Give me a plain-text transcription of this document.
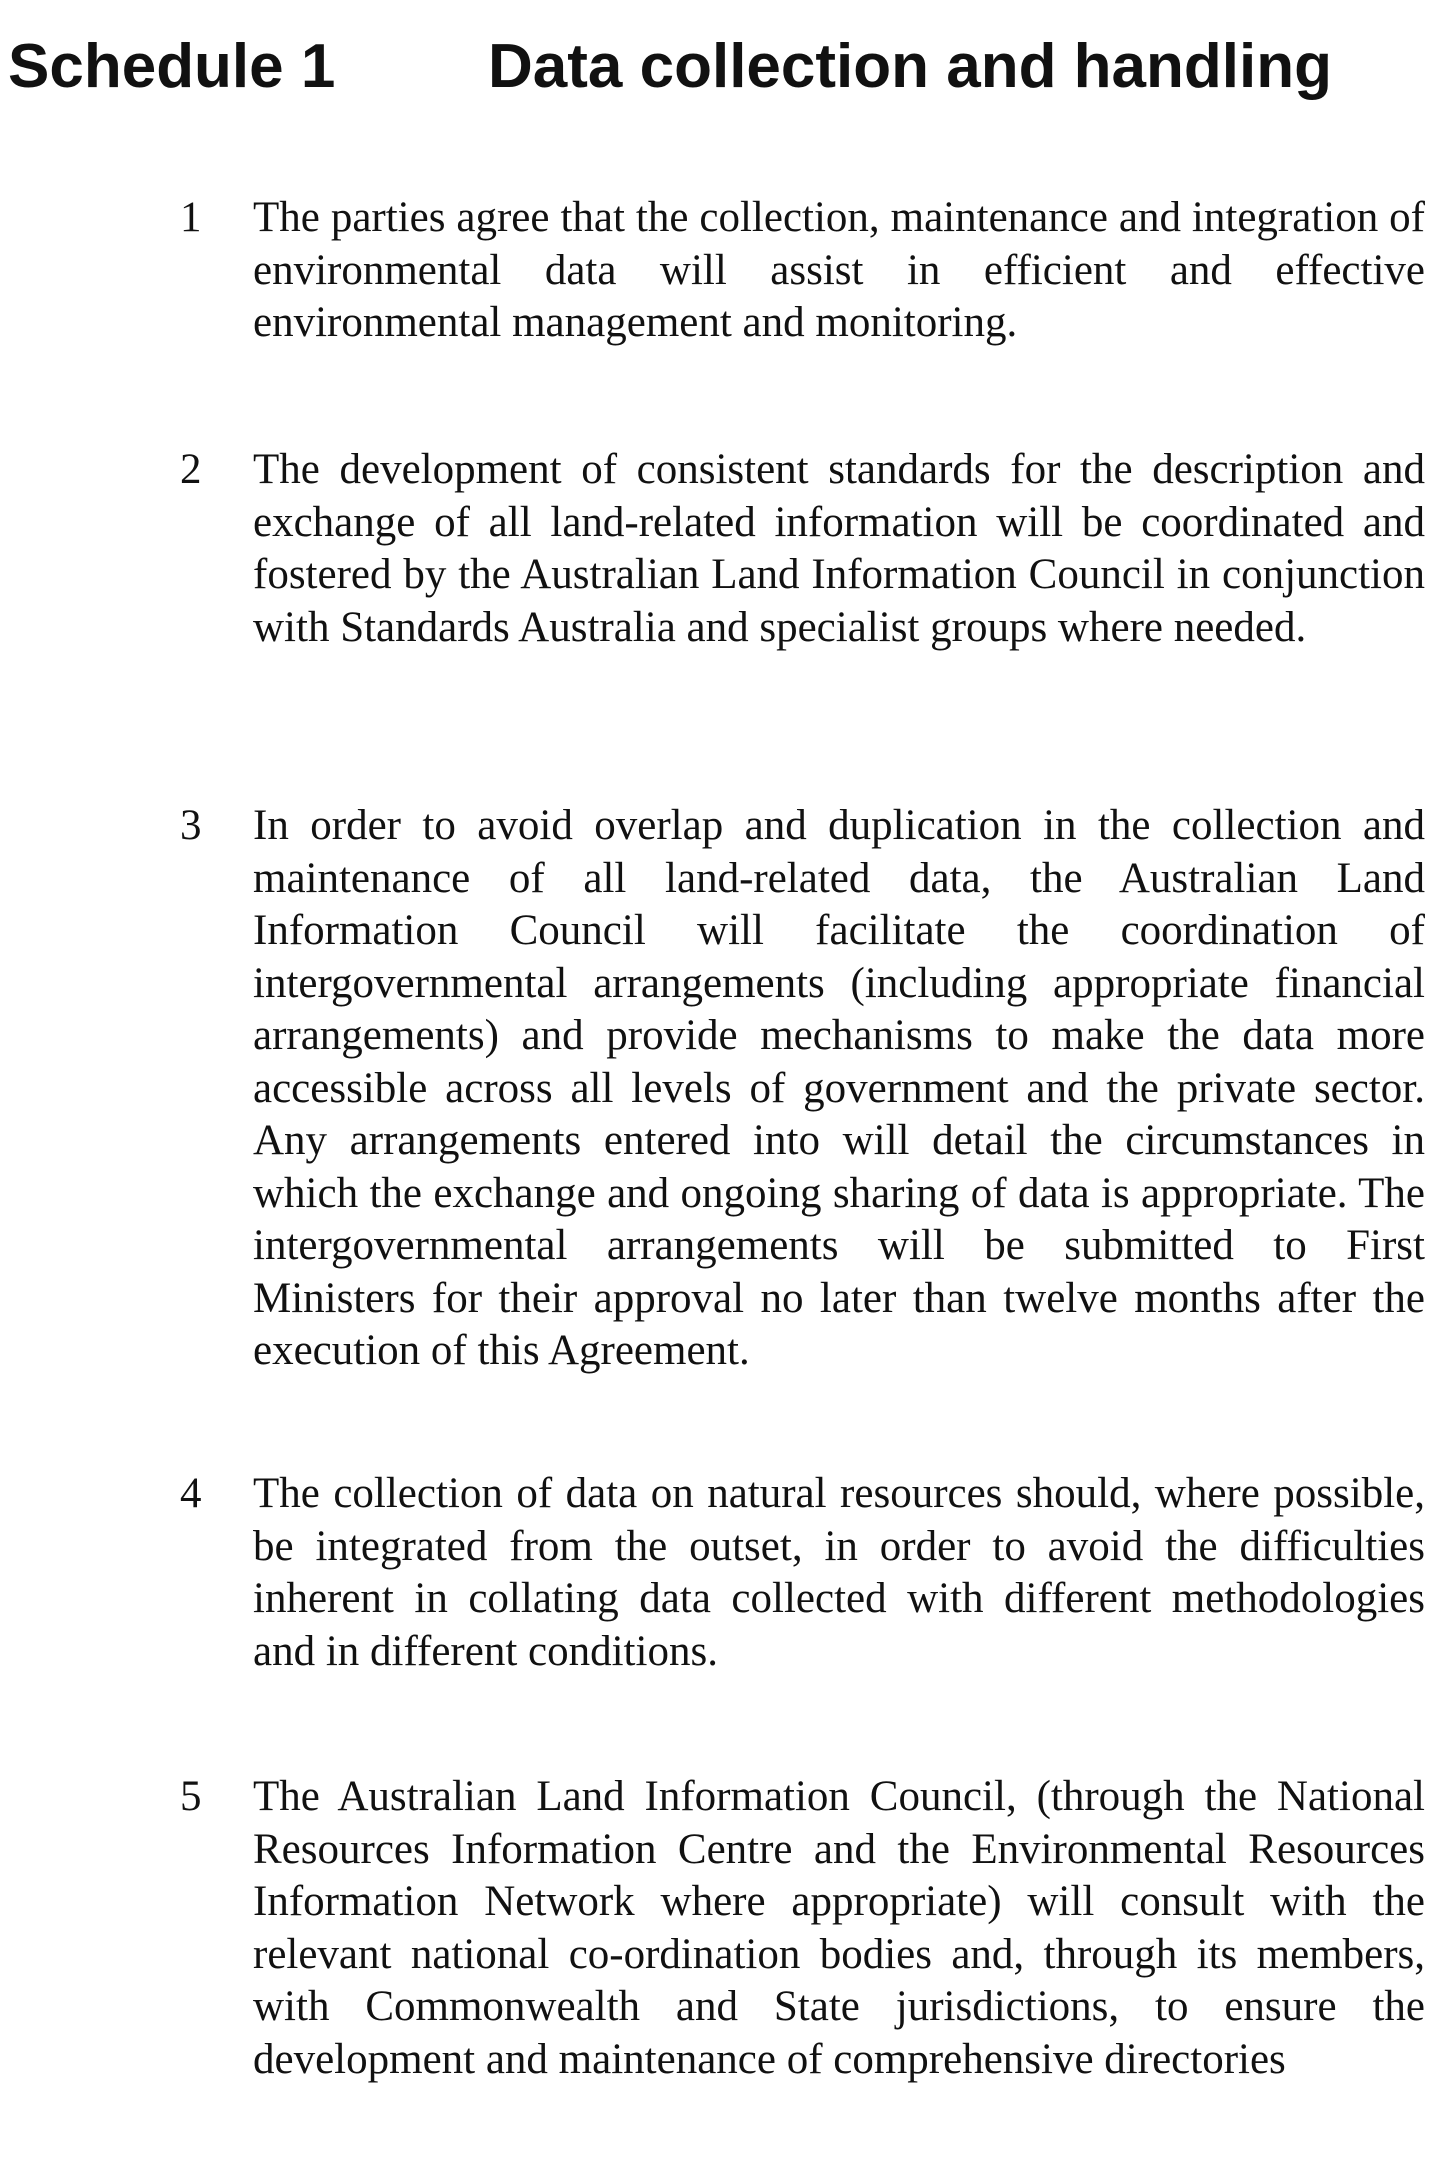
Schedule 1 Data collection and handling
1	The parties agree that the collection, maintenance and integration of environmental data will assist in efficient and effective environmental management and monitoring.
2	The development of consistent standards for the description and exchange of all land-related information will be coordinated and fostered by the Australian Land Information Council in conjunction with Standards Australia and specialist groups where needed.
3	In order to avoid overlap and duplication in the collection and maintenance of all land-related data, the Australian Land Information Council will facilitate the coordination of intergovernmental arrangements (including appropriate financial arrangements) and provide mechanisms to make the data more accessible across all levels of government and the private sector. Any arrangements entered into will detail the circumstances in which the exchange and ongoing sharing of data is appropriate. The intergovernmental arrangements will be submitted to First Ministers for their approval no later than twelve months after the execution of this Agreement.
4	The collection of data on natural resources should, where possible, be integrated from the outset, in order to avoid the difficulties inherent in collating data collected with different methodologies and in different conditions.
5	The Australian Land Information Council, (through the National Resources Information Centre and the Environmental Resources Information Network where appropriate) will consult with the relevant national co-ordination bodies and, through its members, with Commonwealth and State jurisdictions, to ensure the development and maintenance of comprehensive directories
